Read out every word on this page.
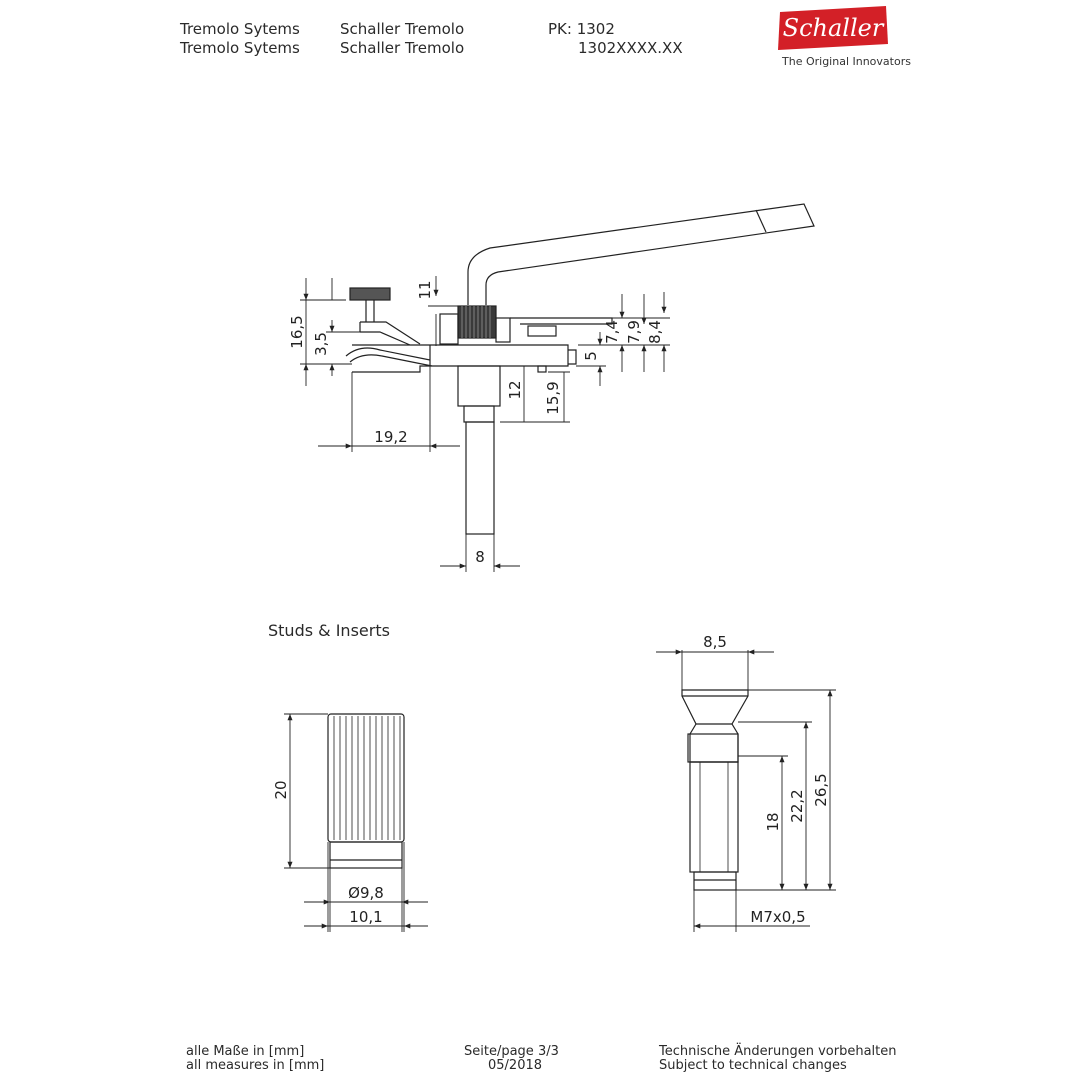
Tremolo Sytems	Schaller Tremolo	PK: 1302
Tremolo Sytems	Schaller Tremolo	1302XXXX.XX
Schaller
The Original Innovators
Studs & Inserts
16,5 3,5
11
19,2
7,4 7,9 8,4
5
12 15,9
8
20
Ø9,8
10,1
8,5
26,5
22,2
18
M7x0,5
alle Maße in [mm]
all measures in [mm]
Seite/page 3/3
05/2018
Technische Änderungen vorbehalten
Subject to technical changes
